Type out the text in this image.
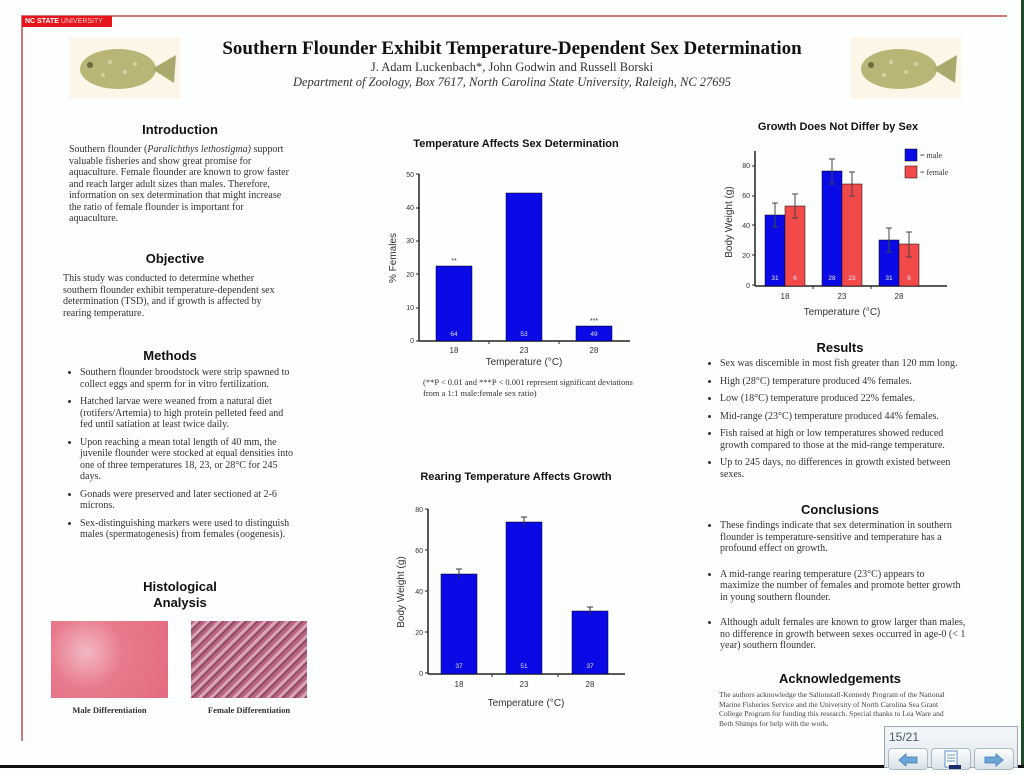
NC STATE UNIVERSITY
Southern Flounder Exhibit Temperature-Dependent Sex Determination
J. Adam Luckenbach*, John Godwin and Russell Borski
Department of Zoology, Box 7617, North Carolina State University, Raleigh, NC 27695
Introduction
Southern flounder (Paralichthys lethostigma) support valuable fisheries and show great promise for aquaculture. Female flounder are known to grow faster and reach larger adult sizes than males. Therefore, information on sex determination that might increase the ratio of female flounder is important for aquaculture.
Objective
This study was conducted to determine whether southern flounder exhibit temperature-dependent sex determination (TSD), and if growth is affected by rearing temperature.
Methods
• Southern flounder broodstock were strip spawned to collect eggs and sperm for in vitro fertilization.
• Hatched larvae were weaned from a natural diet (rotifers/Artemia) to high protein pelleted feed and fed until satiation at least twice daily.
• Upon reaching a mean total length of 40 mm, the juvenile flounder were stocked at equal densities into one of three temperatures 18, 23, or 28°C for 245 days.
• Gonads were preserved and later sectioned at 2-6 microns.
• Sex-distinguishing markers were used to distinguish males (spermatogenesis) from females (oogenesis).
Histological
Analysis
Male Differentiation	Female Differentiation
Temperature Affects Sex Determination
0
10
20
30
40
50
64	53	49
**
***
18	23	28
Temperature (°C)
% Females
(**P < 0.01 and ***P < 0.001 represent significant deviations from a 1:1 male:female sex ratio)
Rearing Temperature Affects Growth
0
20
40
60
80
37	51	37
18	23	28
Temperature (°C)
Body Weight (g)
Growth Does Not Differ by Sex
0
20
40
60
80
31 6	28 23	31 6
18	23	28
Temperature (°C)
Body Weight (g)
= male
= female
Results
• Sex was discernible in most fish greater than 120 mm long.
• High (28°C) temperature produced 4% females.
• Low (18°C) temperature produced 22% females.
• Mid-range (23°C) temperature produced 44% females.
• Fish raised at high or low temperatures showed reduced growth compared to those at the mid-range temperature.
• Up to 245 days, no differences in growth existed between sexes.
Conclusions
• These findings indicate that sex determination in southern flounder is temperature-sensitive and temperature has a profound effect on growth.
• A mid-range rearing temperature (23°C) appears to maximize the number of females and promote better growth in young southern flounder.
• Although adult females are known to grow larger than males, no difference in growth between sexes occurred in age-0 (< 1 year) southern flounder.
Acknowledgements
The authors acknowledge the Saltonstall-Kennedy Program of the National Marine Fisheries Service and the University of North Carolina Sea Grant College Program for funding this research. Special thanks to Lea Ware and Beth Shimps for help with the work.
15/21
